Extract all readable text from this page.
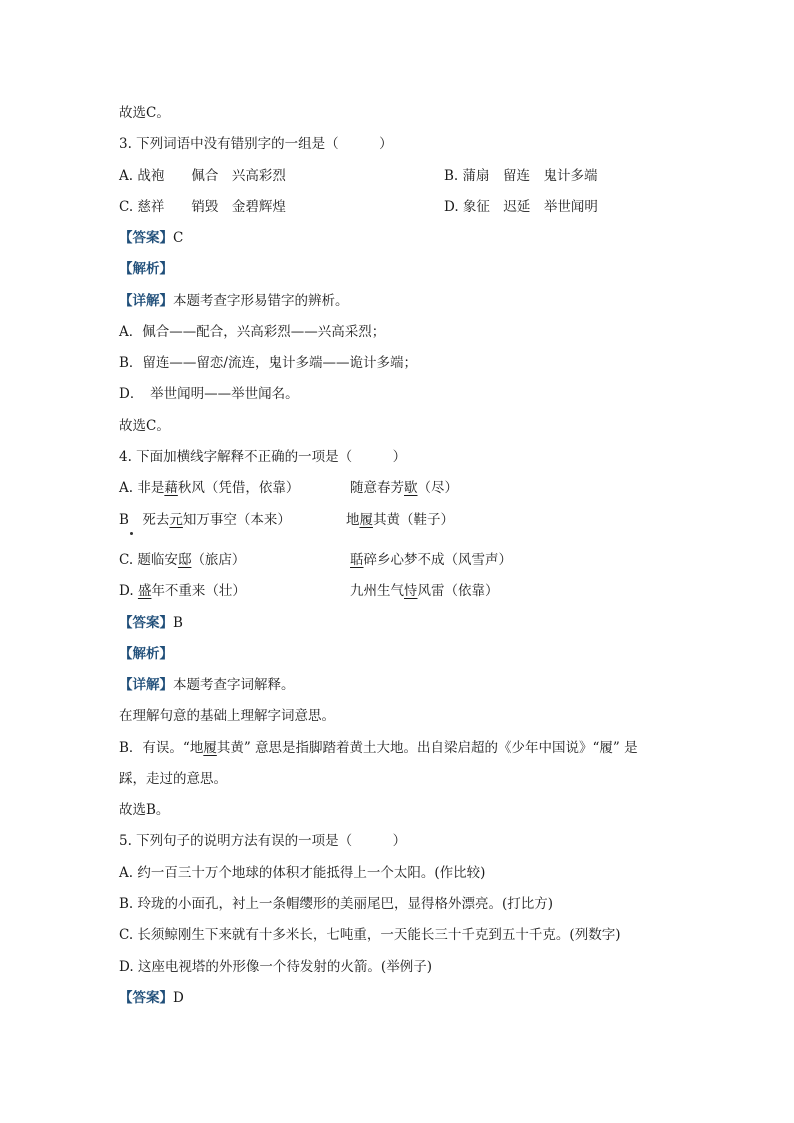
故选C。
3. 下列词语中没有错别字的一组是（　　　）
A. 战袍　　佩合　兴高彩烈	B. 蒲扇　留连　鬼计多端
C. 慈祥　　销毁　金碧辉煌	D. 象征　迟延　举世闻明
【答案】C
【解析】
【详解】本题考查字形易错字的辨析。
A．佩合——配合，兴高彩烈——兴高采烈；
B．留连——留恋/流连，鬼计多端——诡计多端；
D．　举世闻明——举世闻名。
故选C。
4. 下面加横线字解释不正确的一项是（　　　）
A. 非是藉秋风（凭借，依靠）	随意春芳歇（尽）
B　死去元知万事空（本来）	地履其黄（鞋子）
C. 题临安邸（旅店）	聒碎乡心梦不成（风雪声）
D. 盛年不重来（壮）	九州生气恃风雷（依靠）
【答案】B
【解析】
【详解】本题考查字词解释。
在理解句意的基础上理解字词意思。
B．有误。“地履其黄” 意思是指脚踏着黄土大地。出自梁启超的《少年中国说》“履” 是
踩，走过的意思。
故选B。
5. 下列句子的说明方法有误的一项是（　　　）
A. 约一百三十万个地球的体积才能抵得上一个太阳。(作比较)
B. 玲珑的小面孔，衬上一条帽缨形的美丽尾巴，显得格外漂亮。(打比方)
C. 长须鲸刚生下来就有十多米长，七吨重，一天能长三十千克到五十千克。(列数字)
D. 这座电视塔的外形像一个待发射的火箭。(举例子)
【答案】D
